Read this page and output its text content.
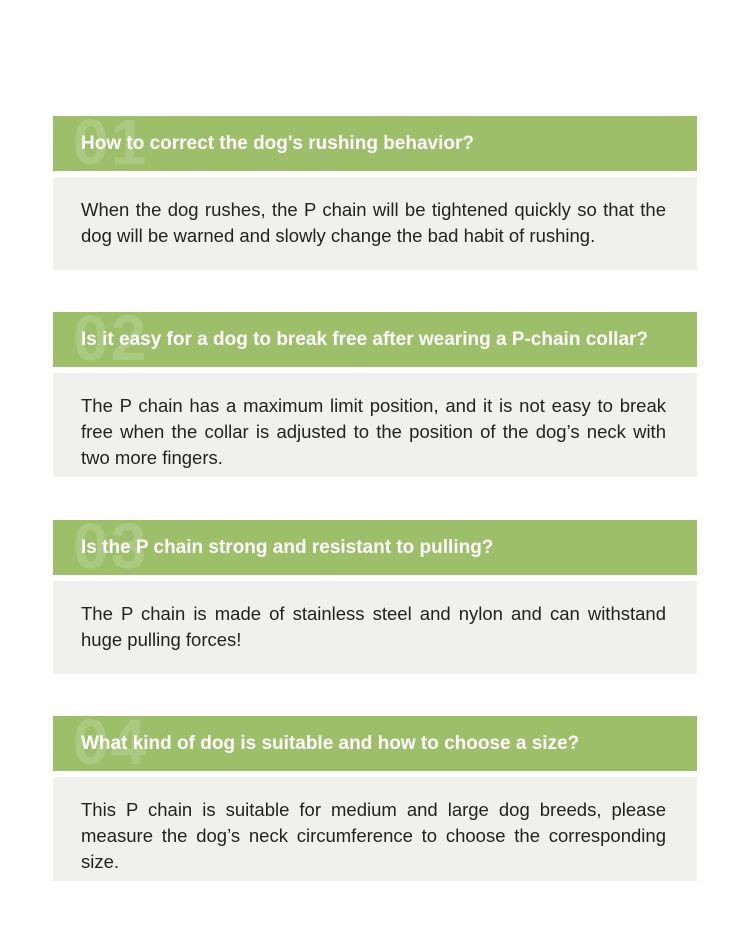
01
How to correct the dog's rushing behavior?
When the dog rushes, the P chain will be tightened quickly so that the dog will be warned and slowly change the bad habit of rushing.
02
Is it easy for a dog to break free after wearing a P-chain collar?
The P chain has a maximum limit position, and it is not easy to break free when the collar is adjusted to the position of the dog’s neck with two more fingers.
03
Is the P chain strong and resistant to pulling?
The P chain is made of stainless steel and nylon and can withstand huge pulling forces!
04
What kind of dog is suitable and how to choose a size?
This P chain is suitable for medium and large dog breeds, please measure the dog’s neck circumference to choose the corresponding size.
